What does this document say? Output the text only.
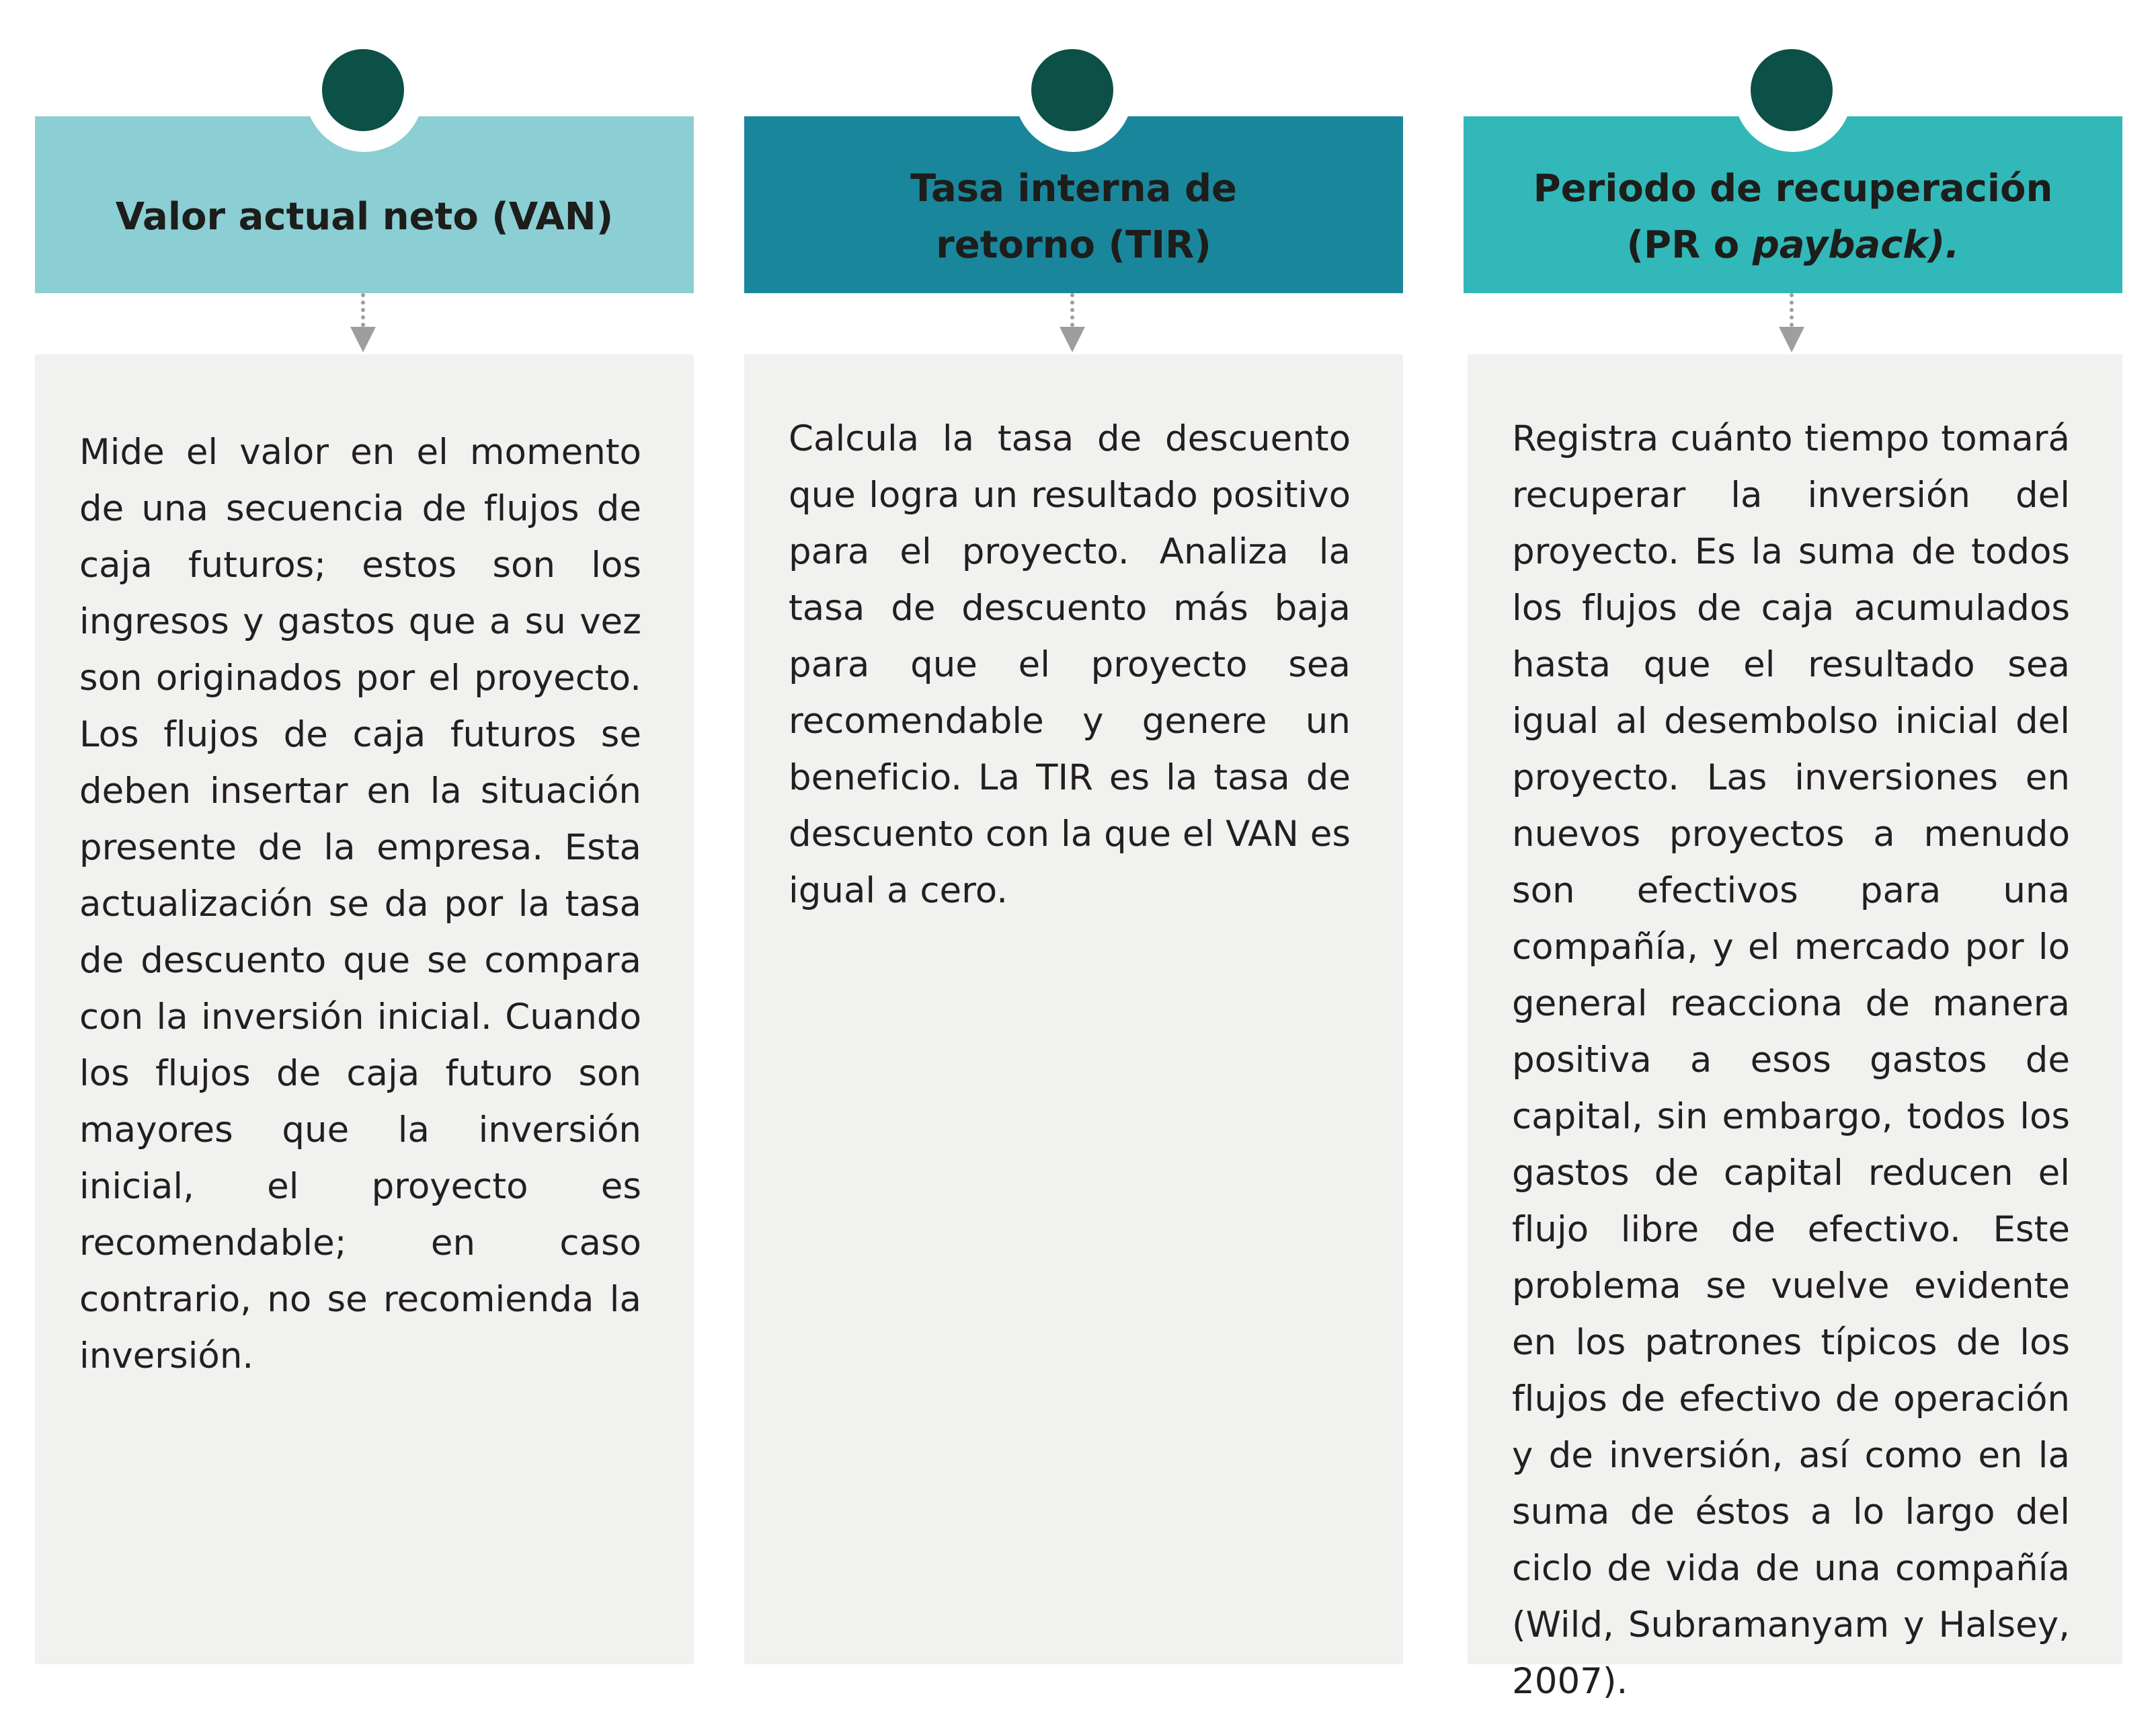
Valor actual neto (VAN)

Mide el valor en el momento de una secuencia de flujos de caja futuros; estos son los ingresos y gastos que a su vez son originados por el proyecto. Los flujos de caja futuros se deben insertar en la situación presente de la empresa. Esta actualización se da por la tasa de descuento que se compara con la inversión inicial. Cuando los flujos de caja futuro son mayores que la inversión inicial, el proyecto es recomendable; en caso contrario, no se recomienda la inversión.

Tasa interna de
retorno (TIR)

Calcula la tasa de descuento que logra un resultado positivo para el proyecto. Analiza la tasa de descuento más baja para que el proyecto sea recomendable y genere un beneficio. La TIR es la tasa de descuento con la que el VAN es igual a cero.

Periodo de recuperación
(PR o payback).

Registra cuánto tiempo tomará recuperar la inversión del proyecto. Es la suma de todos los flujos de caja acumulados hasta que el resultado sea igual al desembolso inicial del proyecto. Las inversiones en nuevos proyectos a menudo son efectivos para una compañía, y el mercado por lo general reacciona de manera positiva a esos gastos de capital, sin embargo, todos los gastos de capital reducen el flujo libre de efectivo. Este problema se vuelve evidente en los patrones típicos de los flujos de efectivo de operación y de inversión, así como en la suma de éstos a lo largo del ciclo de vida de una compañía (Wild, Subramanyam y Halsey, 2007).
